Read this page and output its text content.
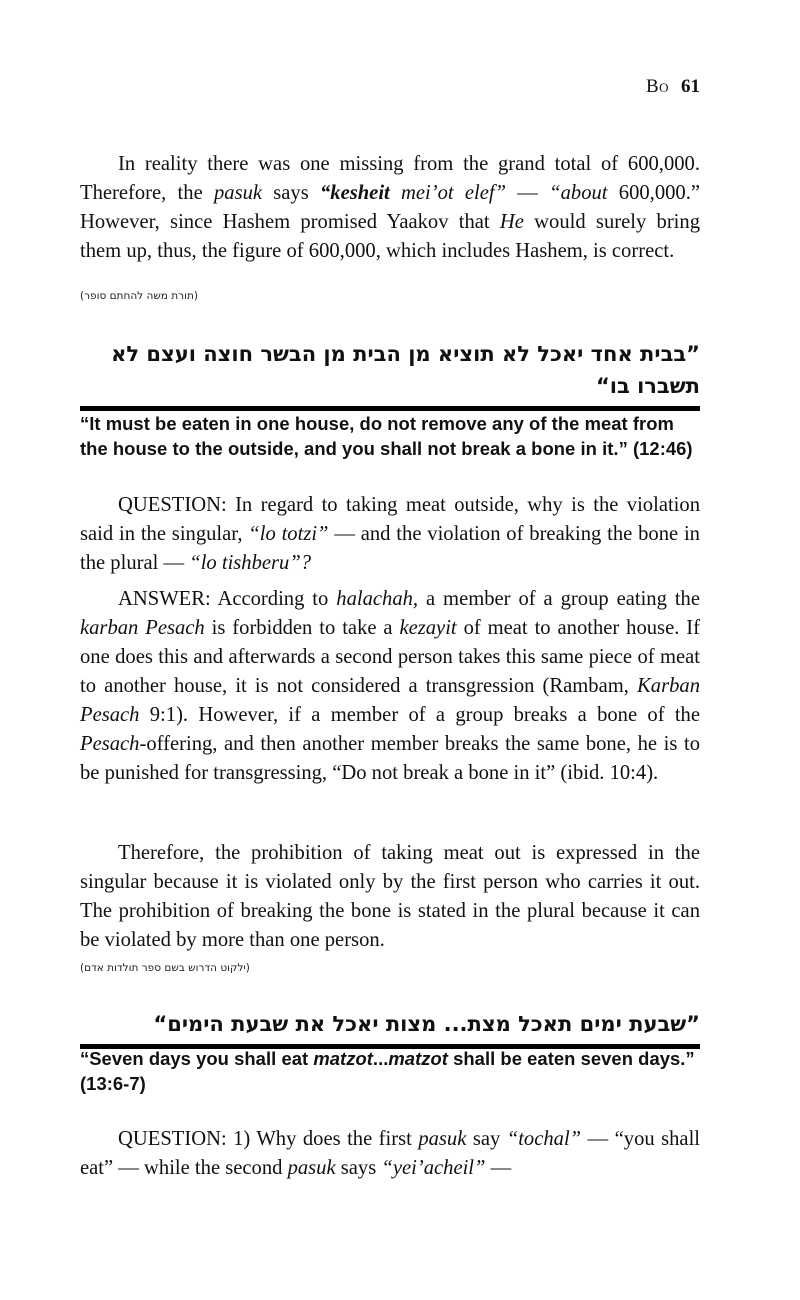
Bo 61

In reality there was one missing from the grand total of 600,000. Therefore, the pasuk says “kesheit mei’ot elef” — “about 600,000.” However, since Hashem promised Yaakov that He would surely bring them up, thus, the figure of 600,000, which includes Hashem, is correct.

(תורת משה להחתם סופר)

”בבית אחד יאכל לא תוציא מן הבית מן הבשר חוצה ועצם לא תשברו בו“
“It must be eaten in one house, do not remove any of the meat from the house to the outside, and you shall not break a bone in it.” (12:46)

QUESTION: In regard to taking meat outside, why is the violation said in the singular, “lo totzi” — and the violation of breaking the bone in the plural — “lo tishberu”?

ANSWER: According to halachah, a member of a group eating the karban Pesach is forbidden to take a kezayit of meat to another house. If one does this and afterwards a second person takes this same piece of meat to another house, it is not considered a transgression (Rambam, Karban Pesach 9:1). However, if a member of a group breaks a bone of the Pesach-offering, and then another member breaks the same bone, he is to be punished for transgressing, “Do not break a bone in it” (ibid. 10:4).

Therefore, the prohibition of taking meat out is expressed in the singular because it is violated only by the first person who carries it out. The prohibition of breaking the bone is stated in the plural because it can be violated by more than one person.

(ילקוט הדרוש בשם ספר תולדות אדם)

”שבעת ימים תאכל מצת... מצות יאכל את שבעת הימים“
“Seven days you shall eat matzot...matzot shall be eaten seven days.” (13:6-7)

QUESTION: 1) Why does the first pasuk say “tochal” — “you shall eat” — while the second pasuk says “yei’acheil” —
